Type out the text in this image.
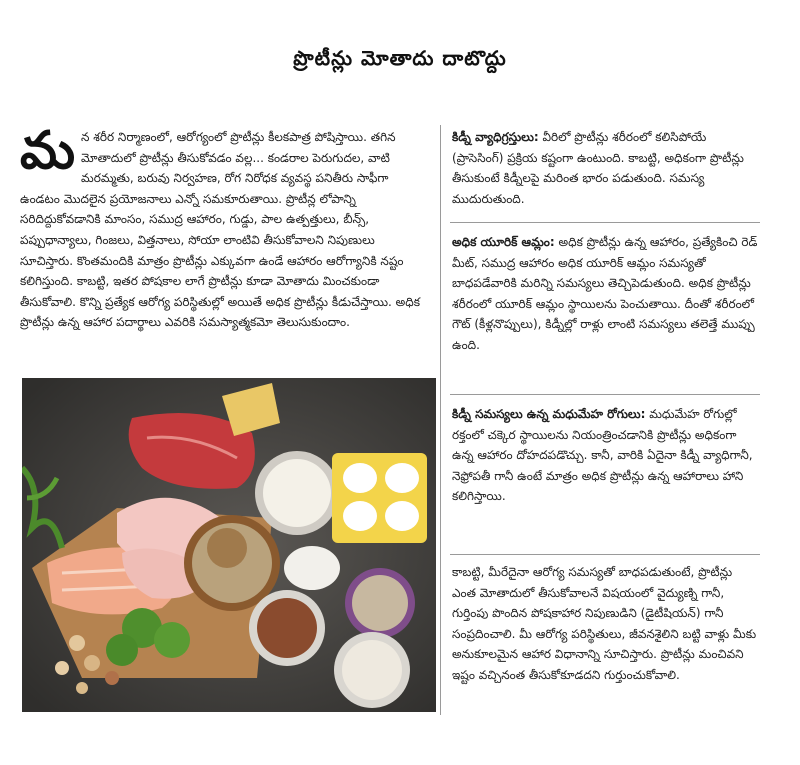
ప్రొటీన్లు మోతాదు దాటొద్దు
మన శరీర నిర్మాణంలో, ఆరోగ్యంలో ప్రొటీన్లు కీలకపాత్ర పోషిస్తాయి. తగిన మోతాదులో ప్రొటీన్లు తీసుకోవడం వల్ల... కండరాల పెరుగుదల, వాటి మరమ్మతు, బరువు నిర్వహణ, రోగ నిరోధక వ్యవస్థ పనితీరు సాఫీగా ఉండటం మొదలైన ప్రయోజనాలు ఎన్నో సమకూరుతాయి. ప్రొటీన్ల లోపాన్ని సరిదిద్దుకోవడానికి మాంసం, సముద్ర ఆహారం, గుడ్డు, పాల ఉత్పత్తులు, బీన్స్, పప్పుధాన్యాలు, గింజలు, విత్తనాలు, సోయా లాంటివి తీసుకోవాలని నిపుణులు సూచిస్తారు. కొంతమందికి మాత్రం ప్రొటీన్లు ఎక్కువగా ఉండే ఆహారం ఆరోగ్యానికి నష్టం కలిగిస్తుంది. కాబట్టి, ఇతర పోషకాల లాగే ప్రొటీన్లు కూడా మోతాదు మించకుండా తీసుకోవాలి. కొన్ని ప్రత్యేక ఆరోగ్య పరిస్థితుల్లో అయితే అధిక ప్రొటీన్లు కీడుచేస్తాయి. అధిక ప్రొటీన్లు ఉన్న ఆహార పదార్థాలు ఎవరికి సమస్యాత్మకమో తెలుసుకుందాం.
కిడ్నీ వ్యాధిగ్రస్తులు: వీరిలో ప్రొటీన్లు శరీరంలో కలిసిపోయే (ప్రాసెసింగ్) ప్రక్రియ కష్టంగా ఉంటుంది. కాబట్టి, అధికంగా ప్రొటీన్లు తీసుకుంటే కిడ్నీలపై మరింత భారం పడుతుంది. సమస్య ముదురుతుంది.
అధిక యూరిక్ ఆమ్లం: అధిక ప్రొటీన్లు ఉన్న ఆహారం, ప్రత్యేకించి రెడ్ మీట్, సముద్ర ఆహారం అధిక యూరిక్ ఆమ్లం సమస్యతో బాధపడేవారికి మరిన్ని సమస్యలు తెచ్చిపెడుతుంది. అధిక ప్రొటీన్లు శరీరంలో యూరిక్ ఆమ్లం స్థాయిలను పెంచుతాయి. దీంతో శరీరంలో గౌట్ (కీళ్లనొప్పులు), కిడ్నీల్లో రాళ్లు లాంటి సమస్యలు తలెత్తే ముప్పు ఉంది.
కిడ్నీ సమస్యలు ఉన్న మధుమేహ రోగులు: మధుమేహ రోగుల్లో రక్తంలో చక్కెర స్థాయిలను నియంత్రించడానికి ప్రొటీన్లు అధికంగా ఉన్న ఆహారం దోహదపడొచ్చు. కానీ, వారికి ఏదైనా కిడ్నీ వ్యాధిగానీ, నెఫ్రోపతీ గానీ ఉంటే మాత్రం అధిక ప్రొటీన్లు ఉన్న ఆహారాలు హాని కలిగిస్తాయి.
కాబట్టి, మీరేదైనా ఆరోగ్య సమస్యతో బాధపడుతుంటే, ప్రొటీన్లు ఎంత మోతాదులో తీసుకోవాలనే విషయంలో వైద్యుణ్ని గానీ, గుర్తింపు పొందిన పోషకాహార నిపుణుడిని (డైటీషియన్) గానీ సంప్రదించాలి. మీ ఆరోగ్య పరిస్థితులు, జీవనశైలిని బట్టి వాళ్లు మీకు అనుకూలమైన ఆహార విధానాన్ని సూచిస్తారు. ప్రొటీన్లు మంచివని ఇష్టం వచ్చినంత తీసుకోకూడదని గుర్తుంచుకోవాలి.
